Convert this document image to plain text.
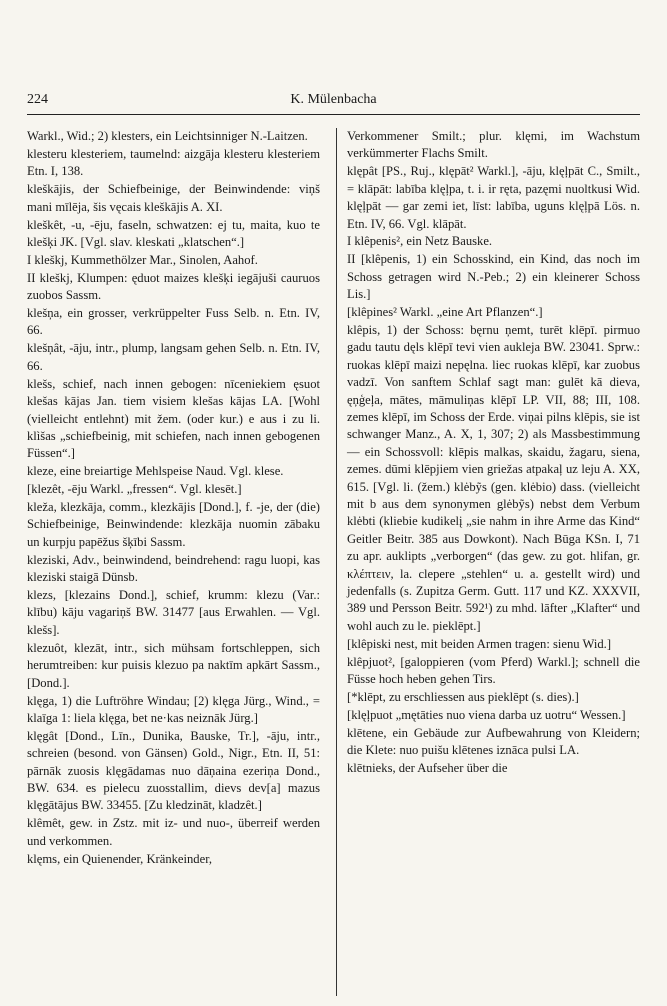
224	K. Mülenbacha

Warkl., Wid.; 2) klesters, ein Leichtsinniger N.-Laitzen.

klesteru klesteriem, taumelnd: aizgāja klesteru klesteriem Etn. I, 138.

kleškājis, der Schiefbeinige, der Beinwindende: viņš mani mīlēja, šis vęcais kleškājis A. XI.

kleškêt, -u, -ēju, faseln, schwatzen: ej tu, maita, kuo te klešķi JK. [Vgl. slav. kleskati „klatschen“.]

I kleškj, Kummethölzer Mar., Sinolen, Aahof.

II kleškj, Klumpen: ęduot maizes klešķi iegājuši cauruos zuobos Sassm.

klešņa, ein grosser, verkrüppelter Fuss Selb. n. Etn. IV, 66.

klešņât, -āju, intr., plump, langsam gehen Selb. n. Etn. IV, 66.

klešs, schief, nach innen gebogen: nīceniekiem ęsuot klešas kājas Jan. tiem visiem klešas kājas LA. [Wohl (vielleicht entlehnt) mit žem. (oder kur.) e aus i zu li. klìšas „schiefbeinig, mit schiefen, nach innen gebogenen Füssen“.]

kleze, eine breiartige Mehlspeise Naud. Vgl. klese.

[klezêt, -ēju Warkl. „fressen“. Vgl. klesēt.]

kleža, klezkāja, comm., klezkājis [Dond.], f. -je, der (die) Schiefbeinige, Beinwindende: klezkāja nuomin zābaku un kurpju papēžus šķībi Sassm.

kleziski, Adv., beinwindend, beindrehend: ragu luopi, kas kleziski staigā Dünsb.

klezs, [klezains Dond.], schief, krumm: klezu (Var.: klību) kāju vagariņš BW. 31477 [aus Erwahlen. — Vgl. klešs].

klezuôt, klezāt, intr., sich mühsam fortschleppen, sich herumtreiben: kur puisis klezuo pa naktīm apkārt Sassm., [Dond.].

klęga, 1) die Luftröhre Windau; [2) klęga Jürg., Wind., = klaīga 1: liela klęga, bet ne·kas neiznāk Jürg.]

klęgât [Dond., Līn., Dunika, Bauske, Tr.], -āju, intr., schreien (besond. von Gänsen) Gold., Nigr., Etn. II, 51: pārnāk zuosis klęgādamas nuo dāņaina ezeriņa Dond., BW. 634. es pielecu zuosstallim, dievs dev[a] mazus klęgātājus BW. 33455. [Zu kledzināt, kladzêt.]

klêmêt, gew. in Zstz. mit iz- und nuo-, überreif werden und verkommen.

klęms, ein Quienender, Kränkeinder,

Verkommener Smilt.; plur. klęmi, im Wachstum verkümmerter Flachs Smilt.

klępât [PS., Ruj., klępāt² Warkl.], -āju, klęļpāt C., Smilt., = klāpāt: labība klęļpa, t. i. ir ręta, pazęmi nuoltkusi Wid. klęļpāt — gar zemi iet, līst: labība, uguns klęļpā Lös. n. Etn. IV, 66. Vgl. klāpāt.

I klêpenis², ein Netz Bauske.

II [klêpenis, 1) ein Schosskind, ein Kind, das noch im Schoss getragen wird N.-Peb.; 2) ein kleinerer Schoss Lis.]

[klêpines² Warkl. „eine Art Pflanzen“.]

klêpis, 1) der Schoss: bęrnu ņemt, turēt klēpī. pirmuo gadu tautu dęls klēpī tevi vien aukleja BW. 23041. Sprw.: ruokas klēpī maizi nepęlna. liec ruokas klēpī, kar zuobus vadzī. Von sanftem Schlaf sagt man: gulēt kā dieva, ęņģeļa, mātes, māmuliņas klēpī LP. VII, 88; III, 108. zemes klēpī, im Schoss der Erde. viņai pilns klēpis, sie ist schwanger Manz., A. X, 1, 307; 2) als Massbestimmung — ein Schossvoll: klēpis malkas, skaidu, žagaru, siena, zemes. dūmi klēpjiem vien griežas atpakaļ uz leju A. XX, 615. [Vgl. li. (žem.) klėbỹs (gen. klėbio) dass. (vielleicht mit b aus dem synonymen glėbỹs) nebst dem Verbum klėbti (kliebie kudikelį „sie nahm in ihre Arme das Kind“ Geitler Beitr. 385 aus Dowkont). Nach Būga KSn. I, 71 zu apr. auklipts „verborgen“ (das gew. zu got. hlifan, gr. κλέπτειν, la. clepere „stehlen“ u. a. gestellt wird) und jedenfalls (s. Zupitza Germ. Gutt. 117 und KZ. XXXVII, 389 und Persson Beitr. 592¹) zu mhd. lāfter „Klafter“ und wohl auch zu le. pieklēpt.]

[klêpiski nest, mit beiden Armen tragen: sienu Wid.]

klêpjuot², [galoppieren (vom Pferd) Warkl.]; schnell die Füsse hoch heben gehen Tirs.

[*klēpt, zu erschliessen aus pieklēpt (s. dies).]

[klęļpuot „mętāties nuo viena darba uz uotru“ Wessen.]

klētene, ein Gebäude zur Aufbewahrung von Kleidern; die Klete: nuo puišu klētenes iznāca pulsi LA.

klētnieks, der Aufseher über die
